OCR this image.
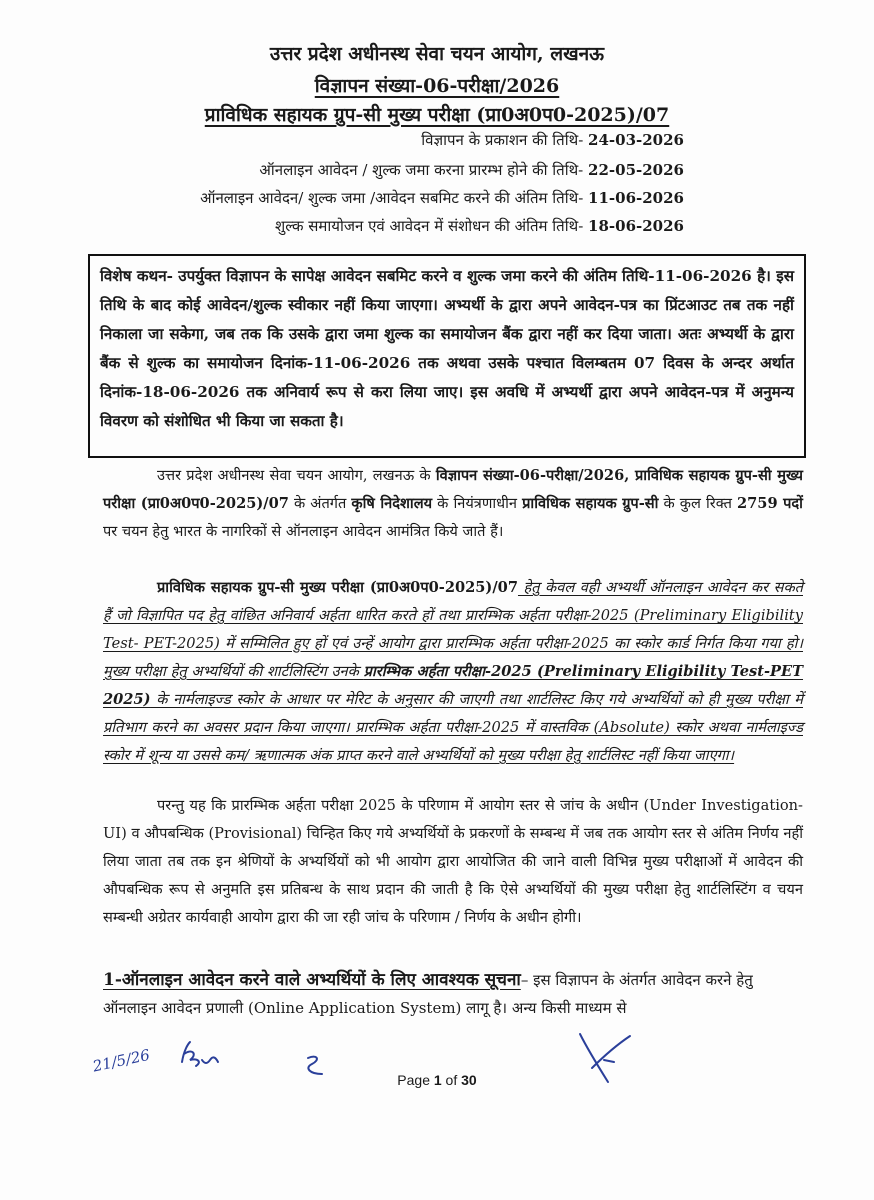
उत्तर प्रदेश अधीनस्थ सेवा चयन आयोग, लखनऊ
विज्ञापन संख्या-06-परीक्षा/2026
प्राविधिक सहायक ग्रुप-सी मुख्य परीक्षा (प्रा0अ0प0-2025)/07
विज्ञापन के प्रकाशन की तिथि- 24-03-2026
ऑनलाइन आवेदन / शुल्क जमा करना प्रारम्भ होने की तिथि- 22-05-2026
ऑनलाइन आवेदन/ शुल्क जमा /आवेदन सबमिट करने की अंतिम तिथि- 11-06-2026
शुल्क समायोजन एवं आवेदन में संशोधन की अंतिम तिथि- 18-06-2026
विशेष कथन- उपर्युक्त विज्ञापन के सापेक्ष आवेदन सबमिट करने व शुल्क जमा करने की अंतिम तिथि-11-06-2026 है। इस तिथि के बाद कोई आवेदन/शुल्क स्वीकार नहीं किया जाएगा। अभ्यर्थी के द्वारा अपने आवेदन-पत्र का प्रिंटआउट तब तक नहीं निकाला जा सकेगा, जब तक कि उसके द्वारा जमा शुल्क का समायोजन बैंक द्वारा नहीं कर दिया जाता। अतः अभ्यर्थी के द्वारा बैंक से शुल्क का समायोजन दिनांक-11-06-2026 तक अथवा उसके पश्चात विलम्बतम 07 दिवस के अन्दर अर्थात दिनांक-18-06-2026 तक अनिवार्य रूप से करा लिया जाए। इस अवधि में अभ्यर्थी द्वारा अपने आवेदन-पत्र में अनुमन्य विवरण को संशोधित भी किया जा सकता है।
उत्तर प्रदेश अधीनस्थ सेवा चयन आयोग, लखनऊ के विज्ञापन संख्या-06-परीक्षा/2026, प्राविधिक सहायक ग्रुप-सी मुख्य परीक्षा (प्रा0अ0प0-2025)/07 के अंतर्गत कृषि निदेशालय के नियंत्रणाधीन प्राविधिक सहायक ग्रुप-सी के कुल रिक्त 2759 पदों पर चयन हेतु भारत के नागरिकों से ऑनलाइन आवेदन आमंत्रित किये जाते हैं।
प्राविधिक सहायक ग्रुप-सी मुख्य परीक्षा (प्रा0अ0प0-2025)/07 हेतु केवल वही अभ्यर्थी ऑनलाइन आवेदन कर सकते हैं जो विज्ञापित पद हेतु वांछित अनिवार्य अर्हता धारित करते हों तथा प्रारम्भिक अर्हता परीक्षा-2025 (Preliminary Eligibility Test- PET-2025) में सम्मिलित हुए हों एवं उन्हें आयोग द्वारा प्रारम्भिक अर्हता परीक्षा-2025 का स्कोर कार्ड निर्गत किया गया हो। मुख्य परीक्षा हेतु अभ्यर्थियों की शार्टलिस्टिंग उनके प्रारम्भिक अर्हता परीक्षा-2025 (Preliminary Eligibility Test-PET 2025) के नार्मलाइज्ड स्कोर के आधार पर मेरिट के अनुसार की जाएगी तथा शार्टलिस्ट किए गये अभ्यर्थियों को ही मुख्य परीक्षा में प्रतिभाग करने का अवसर प्रदान किया जाएगा। प्रारम्भिक अर्हता परीक्षा-2025 में वास्तविक (Absolute) स्कोर अथवा नार्मलाइज्ड स्कोर में शून्य या उससे कम/ ऋणात्मक अंक प्राप्त करने वाले अभ्यर्थियों को मुख्य परीक्षा हेतु शार्टलिस्ट नहीं किया जाएगा।
परन्तु यह कि प्रारम्भिक अर्हता परीक्षा 2025 के परिणाम में आयोग स्तर से जांच के अधीन (Under Investigation-UI) व औपबन्धिक (Provisional) चिन्हित किए गये अभ्यर्थियों के प्रकरणों के सम्बन्ध में जब तक आयोग स्तर से अंतिम निर्णय नहीं लिया जाता तब तक इन श्रेणियों के अभ्यर्थियों को भी आयोग द्वारा आयोजित की जाने वाली विभिन्न मुख्य परीक्षाओं में आवेदन की औपबन्धिक रूप से अनुमति इस प्रतिबन्ध के साथ प्रदान की जाती है कि ऐसे अभ्यर्थियों की मुख्य परीक्षा हेतु शार्टलिस्टिंग व चयन सम्बन्धी अग्रेतर कार्यवाही आयोग द्वारा की जा रही जांच के परिणाम / निर्णय के अधीन होगी।
1-ऑनलाइन आवेदन करने वाले अभ्यर्थियों के लिए आवश्यक सूचना– इस विज्ञापन के अंतर्गत आवेदन करने हेतु ऑनलाइन आवेदन प्रणाली (Online Application System) लागू है। अन्य किसी माध्यम से
21/5/26
Page 1 of 30
